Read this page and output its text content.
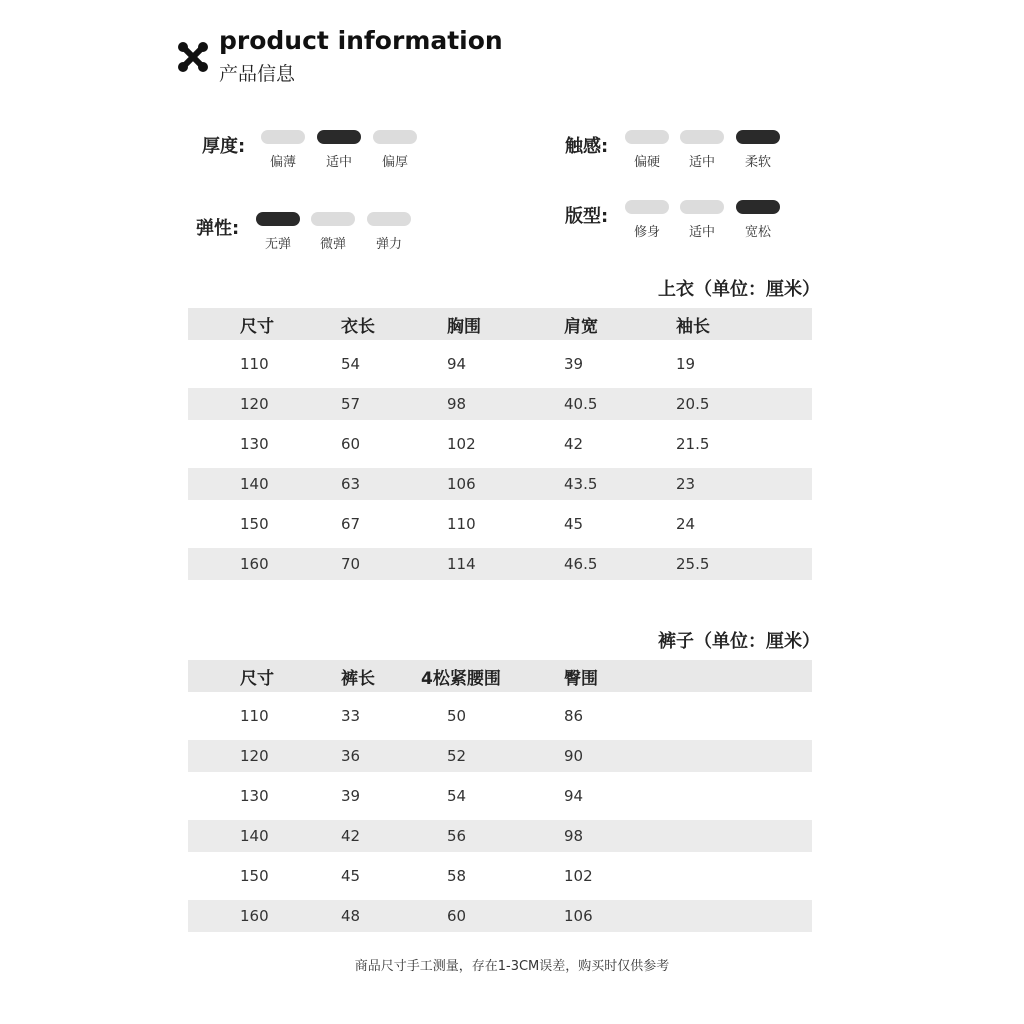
product information
产品信息
厚度:
偏薄	适中	偏厚
触感:
偏硬	适中	柔软
弹性:
无弹	微弹	弹力
版型:
修身	适中	宽松
上衣（单位：厘米）
尺寸	衣长	胸围	肩宽	袖长
110	54	94	39	19
120	57	98	40.5	20.5
130	60	102	42	21.5
140	63	106	43.5	23
150	67	110	45	24
160	70	114	46.5	25.5
裤子（单位：厘米）
尺寸	裤长	4松紧腰围	臀围	
110	33	50	86	
120	36	52	90	
130	39	54	94	
140	42	56	98	
150	45	58	102	
160	48	60	106	
商品尺寸手工测量，存在1-3CM误差，购买时仅供参考
